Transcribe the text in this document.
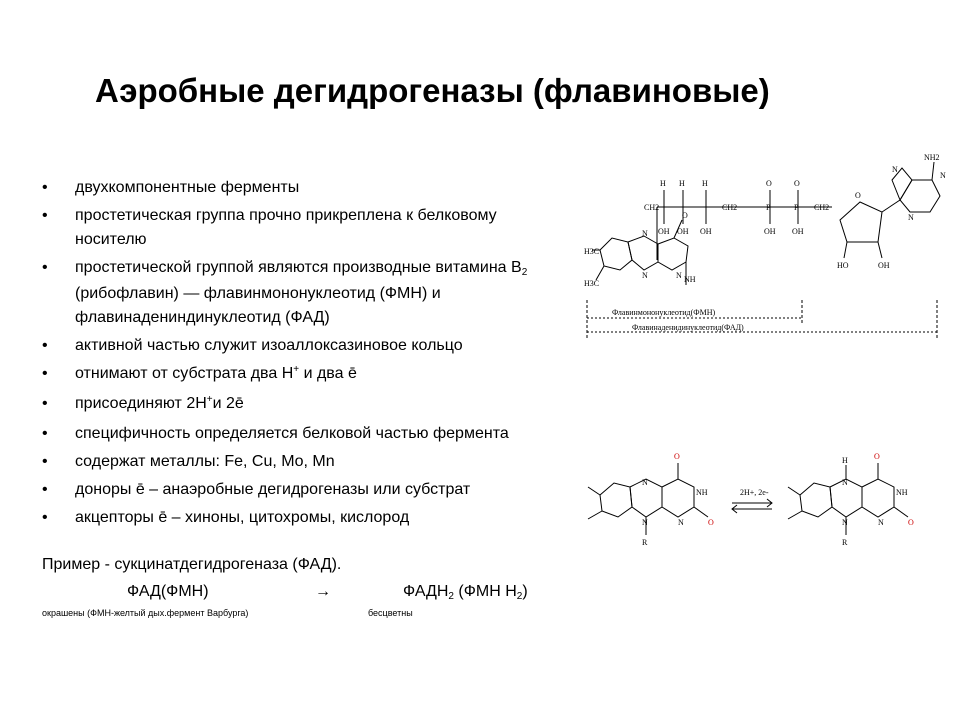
Аэробные дегидрогеназы (флавиновые)
• двухкомпонентные ферменты
• простетическая группа прочно прикреплена к белковому носителю
• простетической группой являются производные витамина В2 (рибофлавин) — флавинмононуклеотид (ФМН) и флавинадениндинуклеотид (ФАД)
• активной частью служит изоаллоксазиновое кольцо
• отнимают от субстрата два Н+ и два ē
• присоединяют 2Н+и 2ē
• специфичность определяется белковой частью фермента
• содержат металлы: Fe, Cu, Mo, Mn
• доноры ē – анаэробные дегидрогеназы или субстрат
• акцепторы ē – хиноны, цитохромы, кислород
Пример - сукцинатдегидрогеназа (ФАД).
ФАД(ФМН)	→	ФАДН2 (ФМН Н2)
окрашены (ФМН-желтый дых.фермент Варбурга)	бесцветны
H H H
OH OH OH
CH2	CH2
O	O
P	P
OH OH
CH2
O
HO	OH
NH2
N
N
N
H3C
H3C
N
N	N NH
O
Флавинмононуклеотид(ФМН)
Флавинаденидинуклеотид(ФАД)
O
N
N	N
NH
O
R
2H+, 2e-
O
H
N
N	N
NH
O
R
